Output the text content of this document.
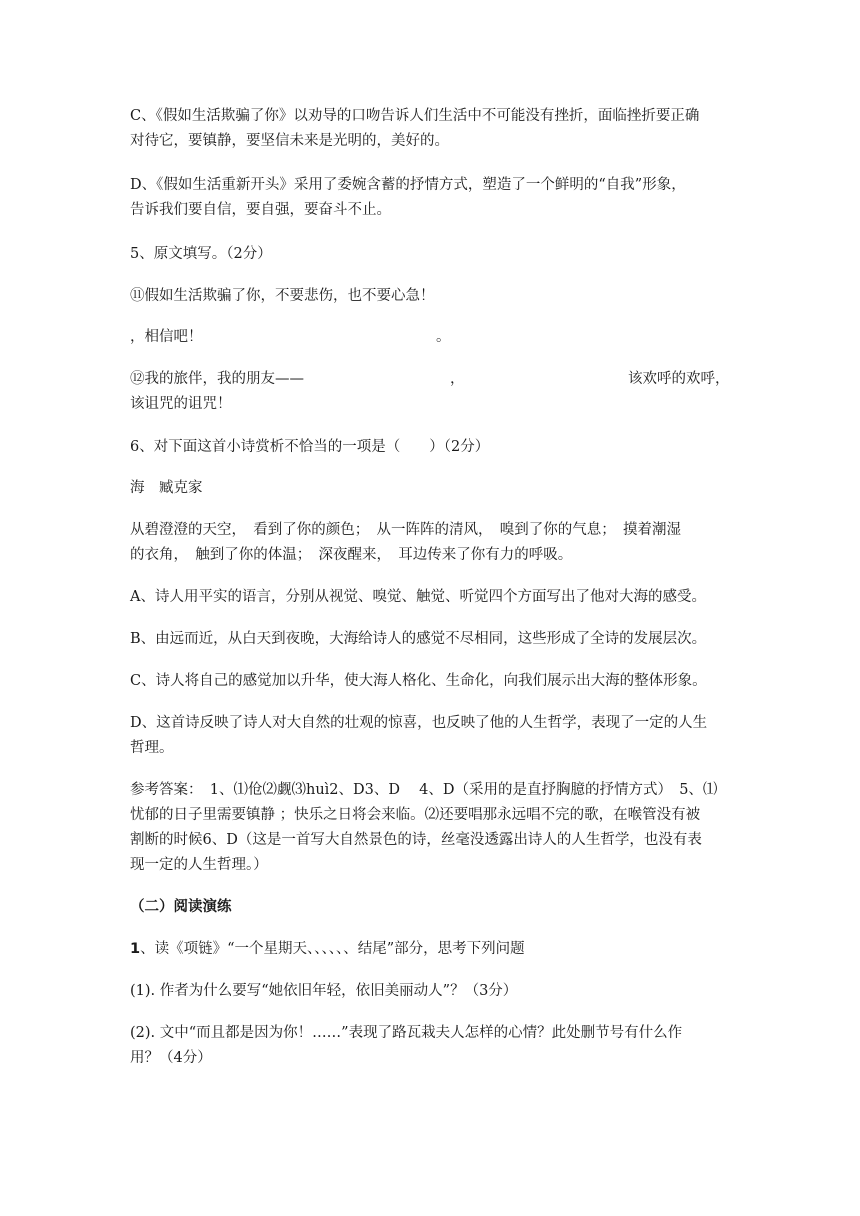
C、《假如生活欺骗了你》以劝导的口吻告诉人们生活中不可能没有挫折，面临挫折要正确
对待它，要镇静，要坚信未来是光明的，美好的。
D、《假如生活重新开头》采用了委婉含蓄的抒情方式，塑造了一个鲜明的“自我”形象，
告诉我们要自信，要自强，要奋斗不止。
5、原文填写。（2分）
⑪假如生活欺骗了你，不要悲伤，也不要心急！
，相信吧！	。
⑫我的旅伴，我的朋友——	，	该欢呼的欢呼，
该诅咒的诅咒！
6、对下面这首小诗赏析不恰当的一项是（　　）（2分）
海　臧克家
从碧澄澄的天空，　看到了你的颜色；　从一阵阵的清风，　嗅到了你的气息；　摸着潮湿
的衣角，　触到了你的体温；　深夜醒来，　耳边传来了你有力的呼吸。
A、诗人用平实的语言，分别从视觉、嗅觉、触觉、听觉四个方面写出了他对大海的感受。
B、由远而近，从白天到夜晚，大海给诗人的感觉不尽相同，这些形成了全诗的发展层次。
C、诗人将自己的感觉加以升华，使大海人格化、生命化，向我们展示出大海的整体形象。
D、这首诗反映了诗人对大自然的壮观的惊喜，也反映了他的人生哲学，表现了一定的人生
哲理。
参考答案：　1、⑴伧⑵觑⑶huì2、D3、D　 4、D（采用的是直抒胸臆的抒情方式）　5、⑴
忧郁的日子里需要镇静 ；快乐之日将会来临。⑵还要唱那永远唱不完的歌，在喉管没有被
割断的时候6、D（这是一首写大自然景色的诗，丝毫没透露出诗人的人生哲学，也没有表
现一定的人生哲理。）
（二）阅读演练
1、读《项链》“一个星期天、、、、、、结尾”部分，思考下列问题
(1). 作者为什么要写“她依旧年轻，依旧美丽动人”？（3分）
(2). 文中“而且都是因为你！……”表现了路瓦栽夫人怎样的心情？此处删节号有什么作
用？（4分）
